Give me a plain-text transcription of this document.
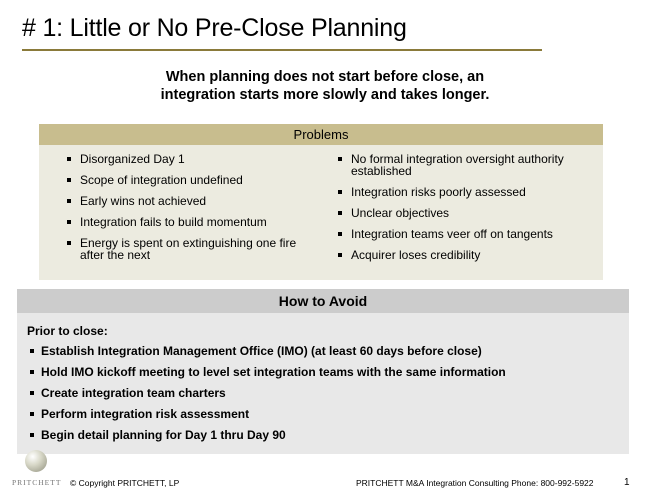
# 1: Little or No Pre-Close Planning
When planning does not start before close, an
integration starts more slowly and takes longer.
Problems
Disorganized Day 1
Scope of integration undefined
Early wins not achieved
Integration fails to build momentum
Energy is spent on extinguishing one fire after the next
No formal integration oversight authority established
Integration risks poorly assessed
Unclear objectives
Integration teams veer off on tangents
Acquirer loses credibility
How to Avoid
Prior to close:
Establish Integration Management Office (IMO) (at least 60 days before close)
Hold IMO kickoff meeting to level set integration teams with the same information
Create integration team charters
Perform integration risk assessment
Begin detail planning for Day 1 thru Day 90
PRITCHETT © Copyright PRITCHETT, LP	PRITCHETT M&A Integration Consulting Phone: 800-992-5922	1
